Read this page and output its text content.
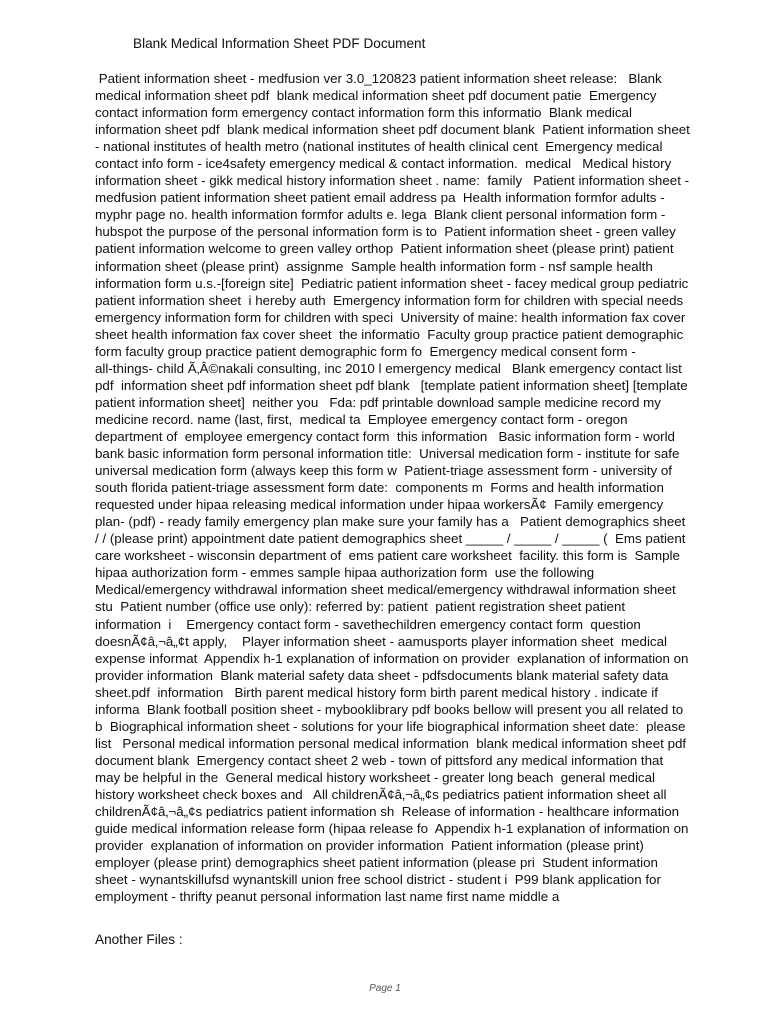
Blank Medical Information Sheet PDF Document
Patient information sheet - medfusion ver 3.0_120823 patient information sheet release:   Blank
medical information sheet pdf  blank medical information sheet pdf document patie  Emergency
contact information form emergency contact information form this informatio  Blank medical
information sheet pdf  blank medical information sheet pdf document blank  Patient information sheet
- national institutes of health metro (national institutes of health clinical cent  Emergency medical
contact info form - ice4safety emergency medical & contact information.  medical   Medical history
information sheet - gikk medical history information sheet . name:  family   Patient information sheet -
medfusion patient information sheet patient email address pa  Health information formfor adults -
myphr page no. health information formfor adults e. lega  Blank client personal information form -
hubspot the purpose of the personal information form is to  Patient information sheet - green valley
patient information welcome to green valley orthop  Patient information sheet (please print) patient
information sheet (please print)  assignme  Sample health information form - nsf sample health
information form u.s.-[foreign site]  Pediatric patient information sheet - facey medical group pediatric
patient information sheet  i hereby auth  Emergency information form for children with special needs
emergency information form for children with speci  University of maine: health information fax cover
sheet health information fax cover sheet  the informatio  Faculty group practice patient demographic
form faculty group practice patient demographic form fo  Emergency medical consent form -
all-things- child Ã‚Â©nakali consulting, inc 2010 l emergency medical   Blank emergency contact list
pdf  information sheet pdf information sheet pdf blank   [template patient information sheet] [template
patient information sheet]  neither you   Fda: pdf printable download sample medicine record my
medicine record. name (last, first,  medical ta  Employee emergency contact form - oregon
department of  employee emergency contact form  this information   Basic information form - world
bank basic information form personal information title:  Universal medication form - institute for safe
universal medication form (always keep this form w  Patient-triage assessment form - university of
south florida patient-triage assessment form date:  components m  Forms and health information
requested under hipaa releasing medical information under hipaa workersÃ¢  Family emergency
plan- (pdf) - ready family emergency plan make sure your family has a   Patient demographics sheet
/ / (please print) appointment date patient demographics sheet _____ / _____ / _____ (  Ems patient
care worksheet - wisconsin department of  ems patient care worksheet  facility. this form is  Sample
hipaa authorization form - emmes sample hipaa authorization form  use the following
Medical/emergency withdrawal information sheet medical/emergency withdrawal information sheet
stu  Patient number (office use only): referred by: patient  patient registration sheet patient
information  i    Emergency contact form - savethechildren emergency contact form  question
doesnÃ¢â‚¬â„¢t apply,    Player information sheet - aamusports player information sheet  medical
expense informat  Appendix h-1 explanation of information on provider  explanation of information on
provider information  Blank material safety data sheet - pdfsdocuments blank material safety data
sheet.pdf  information   Birth parent medical history form birth parent medical history . indicate if
informa  Blank football position sheet - mybooklibrary pdf books bellow will present you all related to
b  Biographical information sheet - solutions for your life biographical information sheet date:  please
list   Personal medical information personal medical information  blank medical information sheet pdf
document blank  Emergency contact sheet 2 web - town of pittsford any medical information that
may be helpful in the  General medical history worksheet - greater long beach  general medical
history worksheet check boxes and   All childrenÃ¢â‚¬â„¢s pediatrics patient information sheet all
childrenÃ¢â‚¬â„¢s pediatrics patient information sh  Release of information - healthcare information
guide medical information release form (hipaa release fo  Appendix h-1 explanation of information on
provider  explanation of information on provider information  Patient information (please print)
employer (please print) demographics sheet patient information (please pri  Student information
sheet - wynantskillufsd wynantskill union free school district - student i  P99 blank application for
employment - thrifty peanut personal information last name first name middle a
Another Files :
Page 1
